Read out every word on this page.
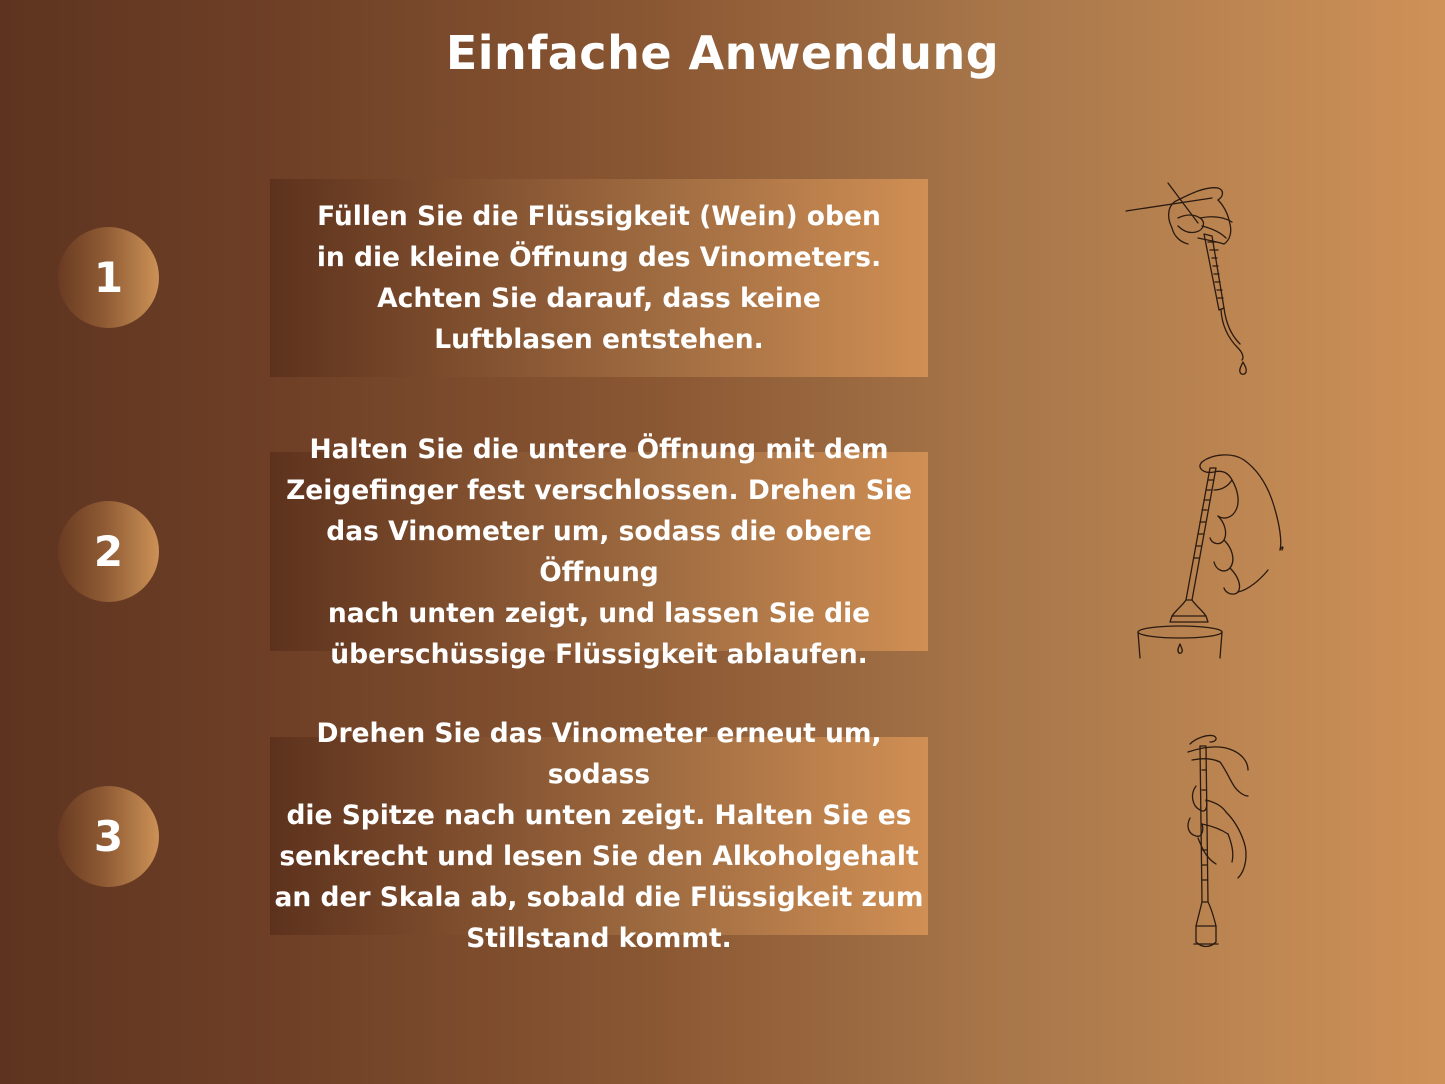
Einfache Anwendung
1
Füllen Sie die Flüssigkeit (Wein) oben
in die kleine Öffnung des Vinometers.
Achten Sie darauf, dass keine
Luftblasen entstehen.
2
Halten Sie die untere Öffnung mit dem
Zeigefinger fest verschlossen. Drehen Sie
das Vinometer um, sodass die obere Öffnung
nach unten zeigt, und lassen Sie die
überschüssige Flüssigkeit ablaufen.
3
Drehen Sie das Vinometer erneut um, sodass
die Spitze nach unten zeigt. Halten Sie es
senkrecht und lesen Sie den Alkoholgehalt
an der Skala ab, sobald die Flüssigkeit zum
Stillstand kommt.
